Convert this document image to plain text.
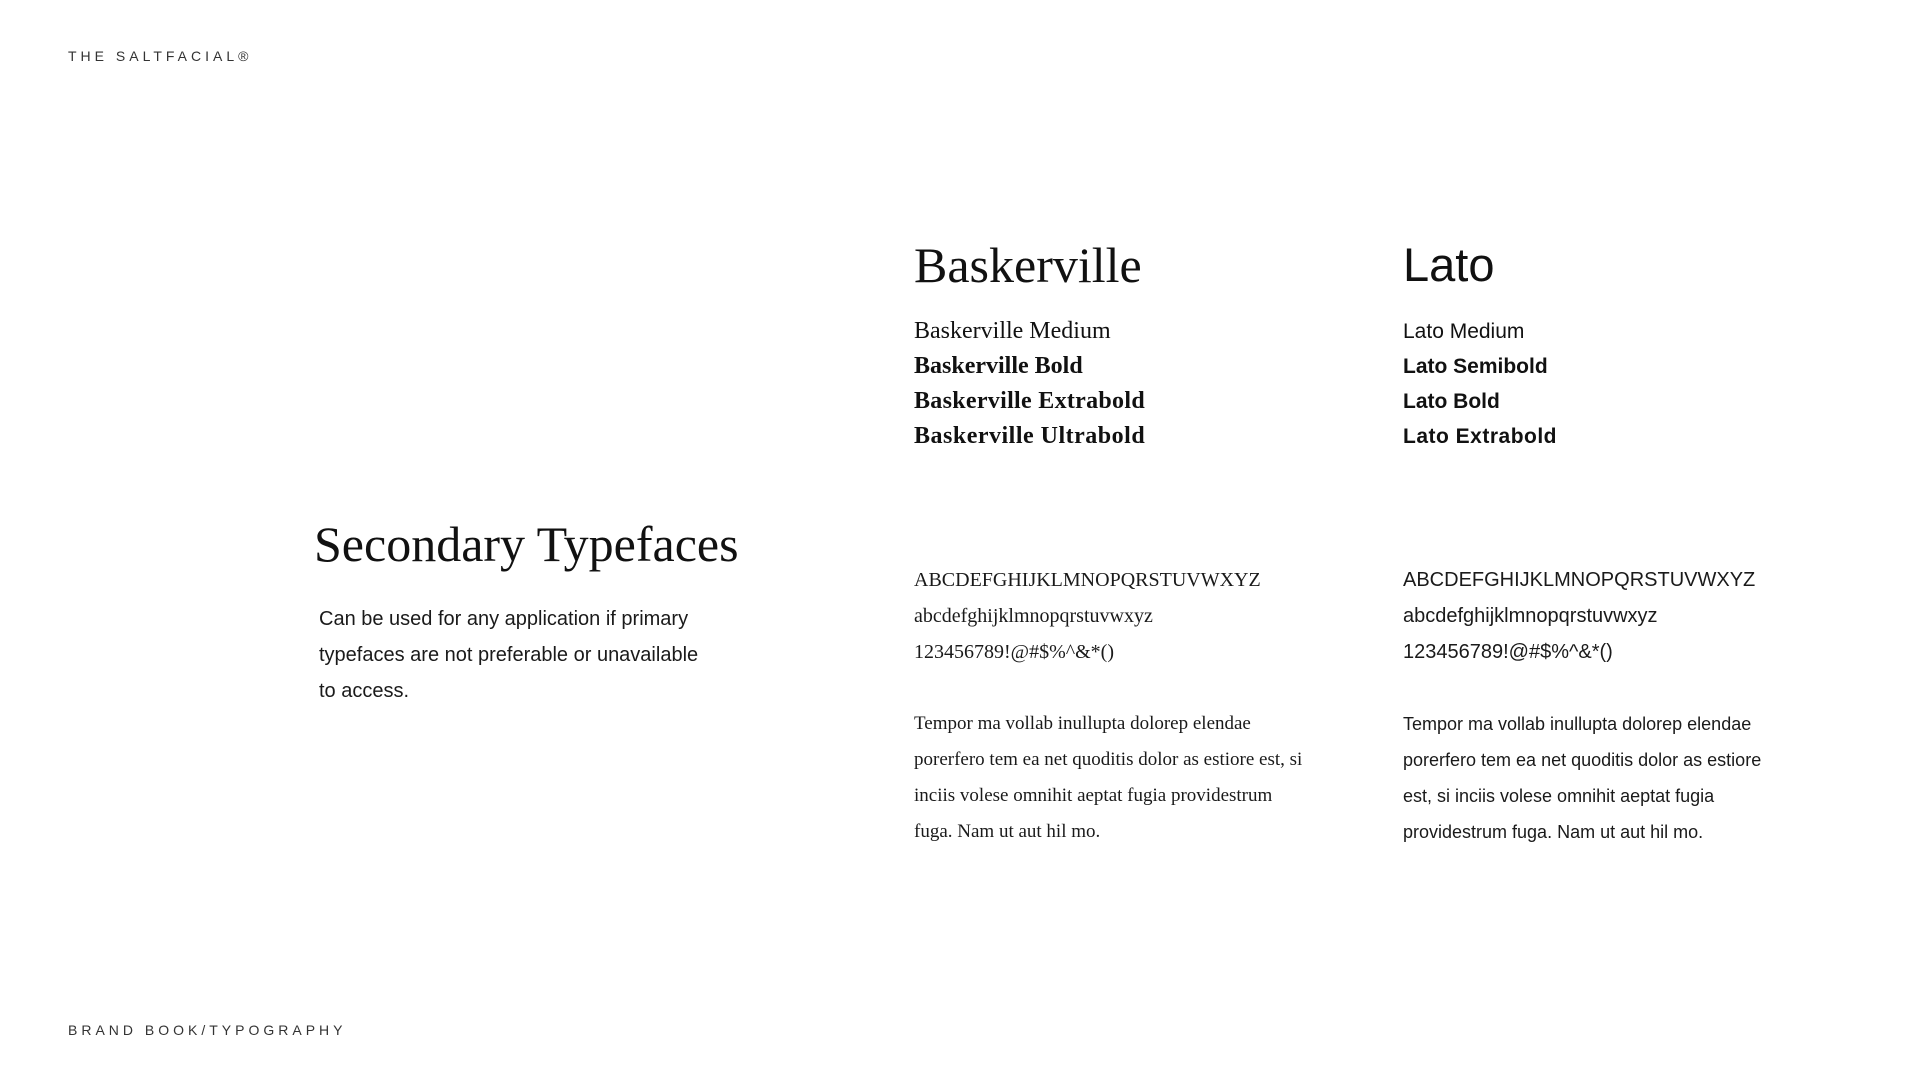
THE SALTFACIAL®

Secondary Typefaces

Can be used for any application if primary typefaces are not preferable or unavailable to access.

Baskerville
Baskerville Medium
Baskerville Bold
Baskerville Extrabold
Baskerville Ultrabold
ABCDEFGHIJKLMNOPQRSTUVWXYZ
abcdefghijklmnopqrstuvwxyz
123456789!@#$%^&*()

Tempor ma vollab inullupta dolorep elendae porerfero tem ea net quoditis dolor as estiore est, si inciis volese omnihit aeptat fugia providestrum fuga. Nam ut aut hil mo.

Lato
Lato Medium
Lato Semibold
Lato Bold
Lato Extrabold
ABCDEFGHIJKLMNOPQRSTUVWXYZ
abcdefghijklmnopqrstuvwxyz
123456789!@#$%^&*()

Tempor ma vollab inullupta dolorep elendae porerfero tem ea net quoditis dolor as estiore est, si inciis volese omnihit aeptat fugia providestrum fuga. Nam ut aut hil mo.

BRAND BOOK/TYPOGRAPHY
